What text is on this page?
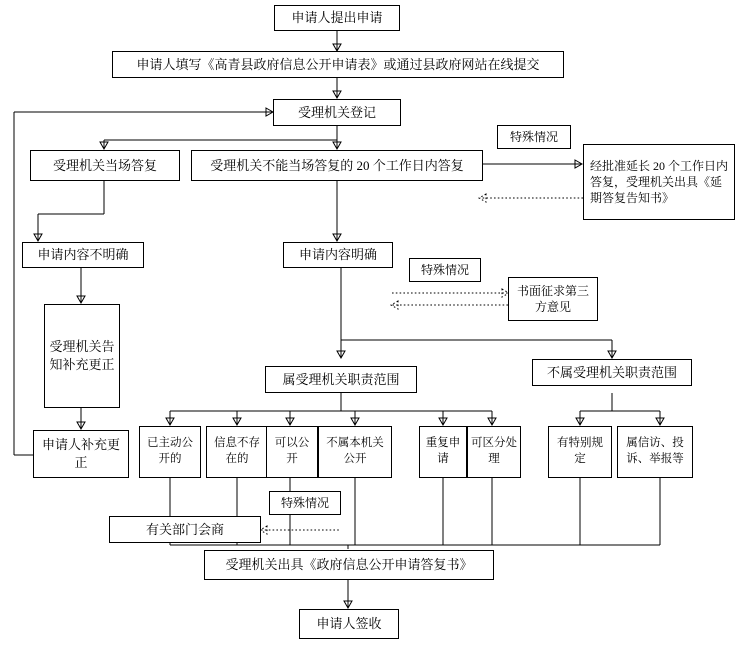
申请人提出申请
申请人填写《高青县政府信息公开申请表》或通过县政府网站在线提交
受理机关登记
受理机关当场答复	受理机关不能当场答复的 20 个工作日内答复
特殊情况
经批准延长 20 个工作日内答复，受理机关出具《延期答复告知书》
申请内容不明确	申请内容明确
特殊情况
书面征求第三方意见
受理机关告知补充更正
申请人补充更正
属受理机关职责范围	不属受理机关职责范围
已主动公开的
信息不存在的
可以公开
不属本机关公开
重复申请
可区分处理
有特别规定
属信访、投诉、举报等
特殊情况
有关部门会商
受理机关出具《政府信息公开申请答复书》
申请人签收
